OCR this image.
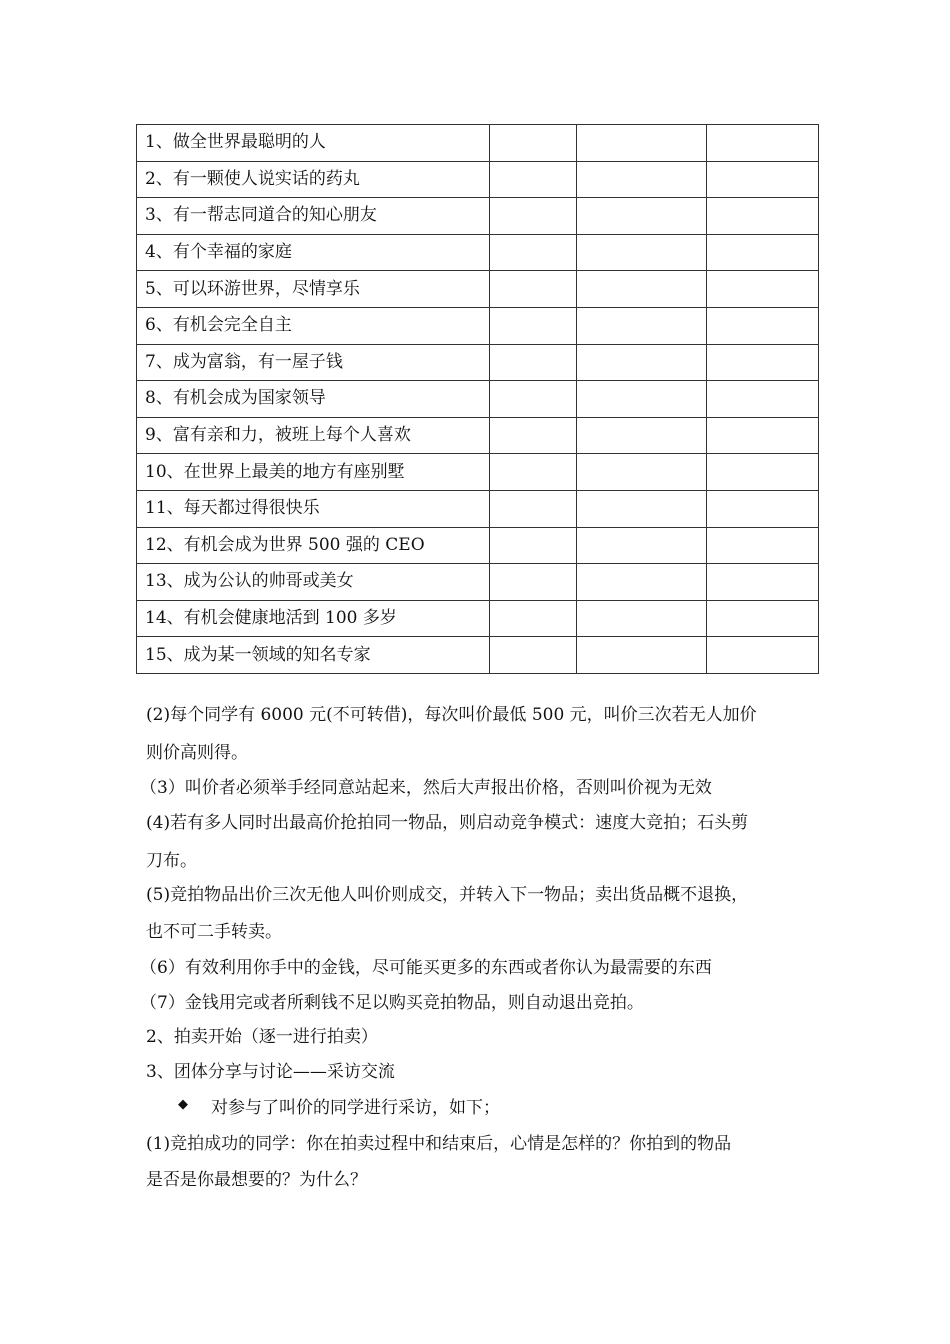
1、做全世界最聪明的人			
2、有一颗使人说实话的药丸			
3、有一帮志同道合的知心朋友			
4、有个幸福的家庭			
5、可以环游世界，尽情享乐			
6、有机会完全自主			
7、成为富翁，有一屋子钱			
8、有机会成为国家领导			
9、富有亲和力，被班上每个人喜欢			
10、在世界上最美的地方有座别墅			
11、每天都过得很快乐			
12、有机会成为世界 500 强的 CEO			
13、成为公认的帅哥或美女			
14、有机会健康地活到 100 多岁			
15、成为某一领域的知名专家			
(2)每个同学有 6000 元(不可转借)，每次叫价最低 500 元，叫价三次若无人加价
则价高则得。
（3）叫价者必须举手经同意站起来，然后大声报出价格，否则叫价视为无效
(4)若有多人同时出最高价抢拍同一物品，则启动竞争模式：速度大竞拍；石头剪
刀布。
(5)竞拍物品出价三次无他人叫价则成交，并转入下一物品；卖出货品概不退换，
也不可二手转卖。
（6）有效利用你手中的金钱，尽可能买更多的东西或者你认为最需要的东西
（7）金钱用完或者所剩钱不足以购买竞拍物品，则自动退出竞拍。
2、拍卖开始（逐一进行拍卖）
3、团体分享与讨论——采访交流
◆ 对参与了叫价的同学进行采访，如下；
(1)竞拍成功的同学：你在拍卖过程中和结束后，心情是怎样的？你拍到的物品
是否是你最想要的？为什么？
